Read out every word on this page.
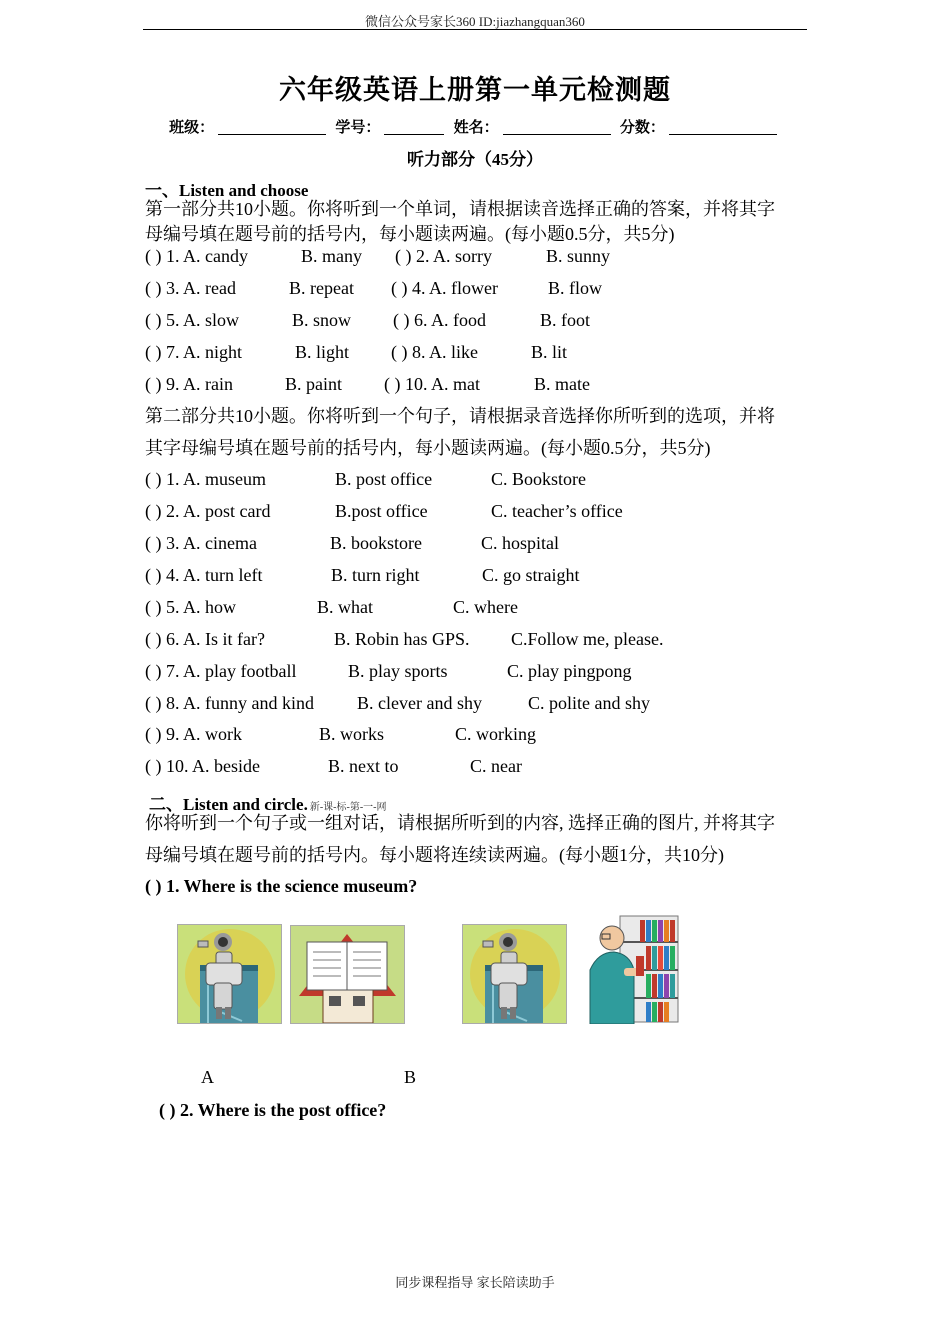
微信公众号家长360 ID:jiazhangquan360
六年级英语上册第一单元检测题
班级：	学号：	姓名：	分数：
听力部分（45分）
一、Listen and choose
第一部分共10小题。你将听到一个单词，请根据读音选择正确的答案，并将其字
母编号填在题号前的括号内，每小题读两遍。(每小题0.5分，共5分)
( ) 1. A. candy	B. many ( ) 2. A. sorry	B. sunny
( ) 3. A. read	B. repeat ( ) 4. A. flower	B. flow
( ) 5. A. slow	B. snow ( ) 6. A. food	B. foot
( ) 7. A. night	B. light ( ) 8. A. like	B. lit
( ) 9. A. rain	B. paint ( ) 10. A. mat	B. mate
第二部分共10小题。你将听到一个句子，请根据录音选择你所听到的选项，并将
其字母编号填在题号前的括号内，每小题读两遍。(每小题0.5分，共5分)
( ) 1. A. museum	B. post office	C. Bookstore
( ) 2. A. post card	B.post office	C. teacher’s office
( ) 3. A. cinema	B. bookstore	C. hospital
( ) 4. A. turn left	B. turn right	C. go straight
( ) 5. A. how	B. what	C. where
( ) 6. A. Is it far?	B. Robin has GPS. C.Follow me, please.
( ) 7. A. play football	B. play sports	C. play pingpong
( ) 8. A. funny and kind B. clever and shy	C. polite and shy
( ) 9. A. work	B. works	C. working
( ) 10. A. beside	B. next to	C. near
二、Listen and circle. 新-课-标-第-一-网
你将听到一个句子或一组对话，请根据所听到的内容, 选择正确的图片, 并将其字
母编号填在题号前的括号内。每小题将连续读两遍。(每小题1分，共10分)
( ) 1. Where is the science museum?
A	B
( ) 2. Where is the post office?
同步课程指导 家长陪读助手
